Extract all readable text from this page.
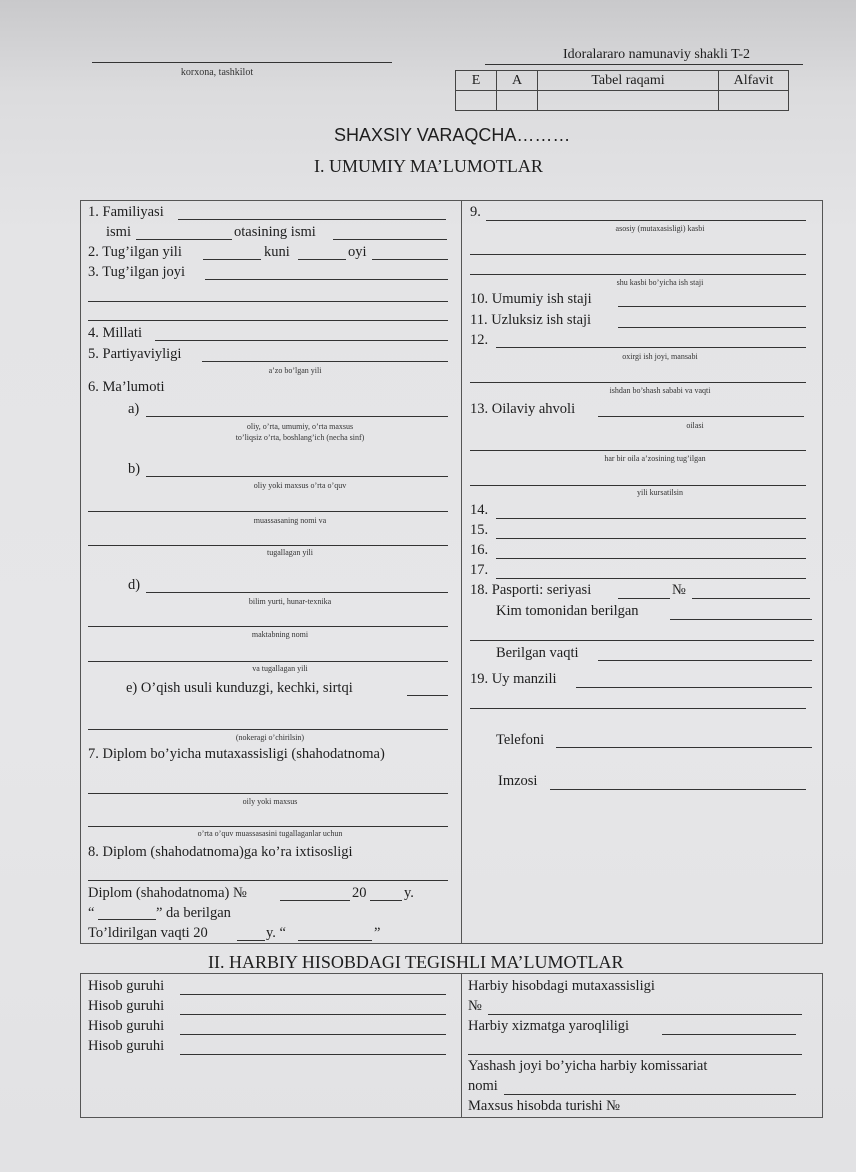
korxona, tashkilot
Idoralararo namunaviy shakli T-2
E	A	Tabel raqami	Alfavit

SHAXSIY VARAQCHA………
I. UMUMIY MA’LUMOTLAR
1. Familiyasi
ismi	otasining ismi
2. Tug’ilgan yili	kuni	oyi
3. Tug’ilgan joyi
4. Millati
5. Partiyaviyligi
a’zo bo’lgan yili
6. Ma’lumoti
a)
oliy, o’rta, umumiy, o’rta maxsus
to’liqsiz o’rta, boshlang’ich (necha sinf)
b)
oliy yoki maxsus o’rta o’quv
muassasaning nomi va
tugallagan yili
d)
bilim yurti, hunar-texnika
maktabning nomi
va tugallagan yili
e) O’qish usuli kunduzgi, kechki, sirtqi
(nokeragi o’chirilsin)
7. Diplom bo’yicha mutaxassisligi (shahodatnoma)
oily yoki maxsus
o’rta o’quv muassasasini tugallaganlar uchun
8. Diplom (shahodatnoma)ga ko’ra ixtisosligi
Diplom (shahodatnoma) №	20	y.
“	” da berilgan
To’ldirilgan vaqti 20	y. “	”
9.
asosiy (mutaxasisligi) kasbi
shu kasbi bo’yicha ish staji
10. Umumiy ish staji
11. Uzluksiz ish staji
12.
oxirgi ish joyi, mansabi
ishdan bo’shash sababi va vaqti
13. Oilaviy ahvoli
oilasi
har bir oila a’zosining tug’ilgan
yili kursatilsin
14.
15.
16.
17.
18. Pasporti: seriyasi	№
Kim tomonidan berilgan
Berilgan vaqti
19. Uy manzili
Telefoni
Imzosi
II. HARBIY HISOBDAGI TEGISHLI MA’LUMOTLAR
Hisob guruhi
Hisob guruhi
Hisob guruhi
Hisob guruhi
Harbiy hisobdagi mutaxassisligi
№
Harbiy xizmatga yaroqliligi
Yashash joyi bo’yicha harbiy komissariat
nomi
Maxsus hisobda turishi №
